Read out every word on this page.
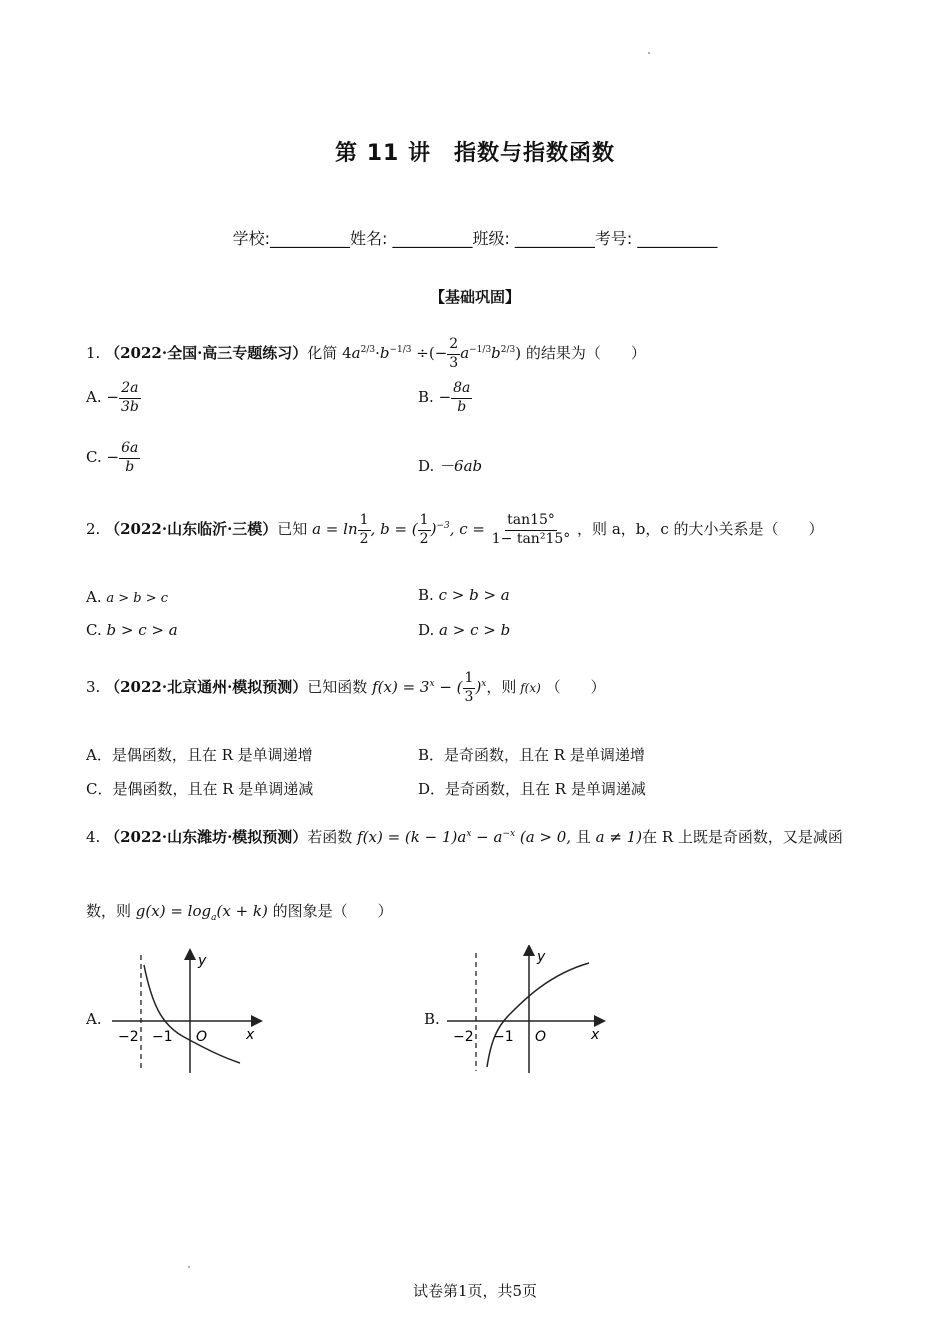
第 11 讲　指数与指数函数
学校:__________姓名: __________班级: __________考号: __________
【基础巩固】
1. （2022·全国·高三专题练习）化简 $4a^{2/3}\cdot b^{-1/3}$ ÷(− $\frac{2}{3} a^{-1/3}b^{2/3}$) 的结果为（　　）
A. − $\frac{2a}{3b}$	B. − $\frac{8a}{b}$
C. − $\frac{6a}{b}$	D. －6ab
2. （2022·山东临沂·三模）已知 $a = \ln \frac{1}{2}$ , b = ( $\frac{1}{2} )^{-3}$, $c = \frac{\tan 15^\circ}{\text{1− tan²15°}}$ ，则 a，b，c 的大小关系是（　　）
A. a > b > c	B. c > b > a
C. b > c > a	D. a > c > b
3. （2022·北京通州·模拟预测）已知函数 $f(x) = 3^x$ − ( $\frac{1}{3} )^x$，则 f(x) （　　）
A．是偶函数，且在 R 是单调递增	B．是奇函数，且在 R 是单调递增
C．是偶函数，且在 R 是单调递减	D．是奇函数，且在 R 是单调递减
4. （2022·山东潍坊·模拟预测）若函数 $f(x) = (k - 1)a^x - a^{-x}$ (a > 0, 且 a ≠ 1)在 R 上既是奇函数，又是减函
数，则 $g(x) = \log_a(x + k)$ 的图象是（　　）
A.
y
x
O
−1
−2
B.
y
x
O
−1
−2
试卷第1页，共5页
